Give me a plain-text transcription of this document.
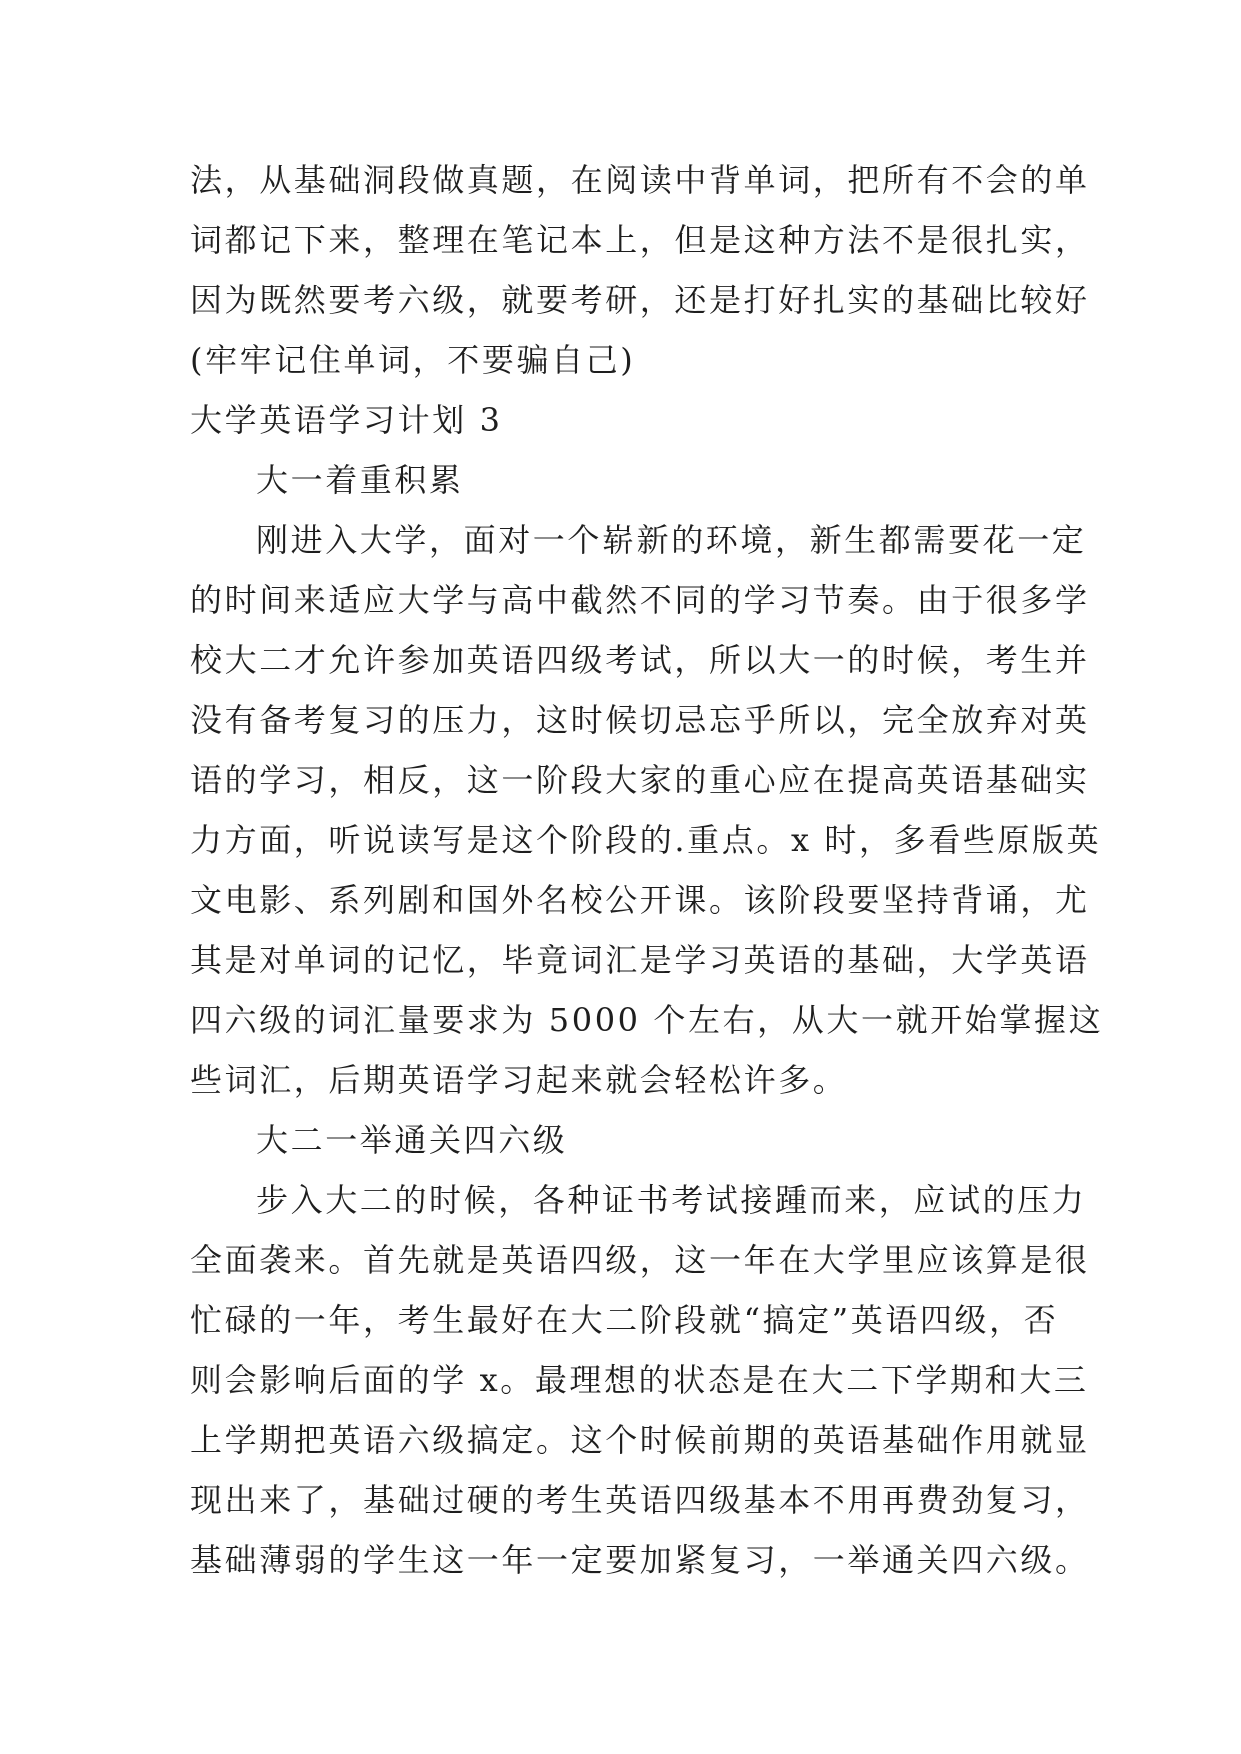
法，从基础洞段做真题，在阅读中背单词，把所有不会的单
词都记下来，整理在笔记本上，但是这种方法不是很扎实，
因为既然要考六级，就要考研，还是打好扎实的基础比较好
(牢牢记住单词，不要骗自己)
大学英语学习计划 3
大一着重积累
刚进入大学，面对一个崭新的环境，新生都需要花一定
的时间来适应大学与高中截然不同的学习节奏。由于很多学
校大二才允许参加英语四级考试，所以大一的时候，考生并
没有备考复习的压力，这时候切忌忘乎所以，完全放弃对英
语的学习，相反，这一阶段大家的重心应在提高英语基础实
力方面，听说读写是这个阶段的.重点。x 时，多看些原版英
文电影、系列剧和国外名校公开课。该阶段要坚持背诵，尤
其是对单词的记忆，毕竟词汇是学习英语的基础，大学英语
四六级的词汇量要求为 5000 个左右，从大一就开始掌握这
些词汇，后期英语学习起来就会轻松许多。
大二一举通关四六级
步入大二的时候，各种证书考试接踵而来，应试的压力
全面袭来。首先就是英语四级，这一年在大学里应该算是很
忙碌的一年，考生最好在大二阶段就“搞定”英语四级，否
则会影响后面的学 x。最理想的状态是在大二下学期和大三
上学期把英语六级搞定。这个时候前期的英语基础作用就显
现出来了，基础过硬的考生英语四级基本不用再费劲复习，
基础薄弱的学生这一年一定要加紧复习，一举通关四六级。
